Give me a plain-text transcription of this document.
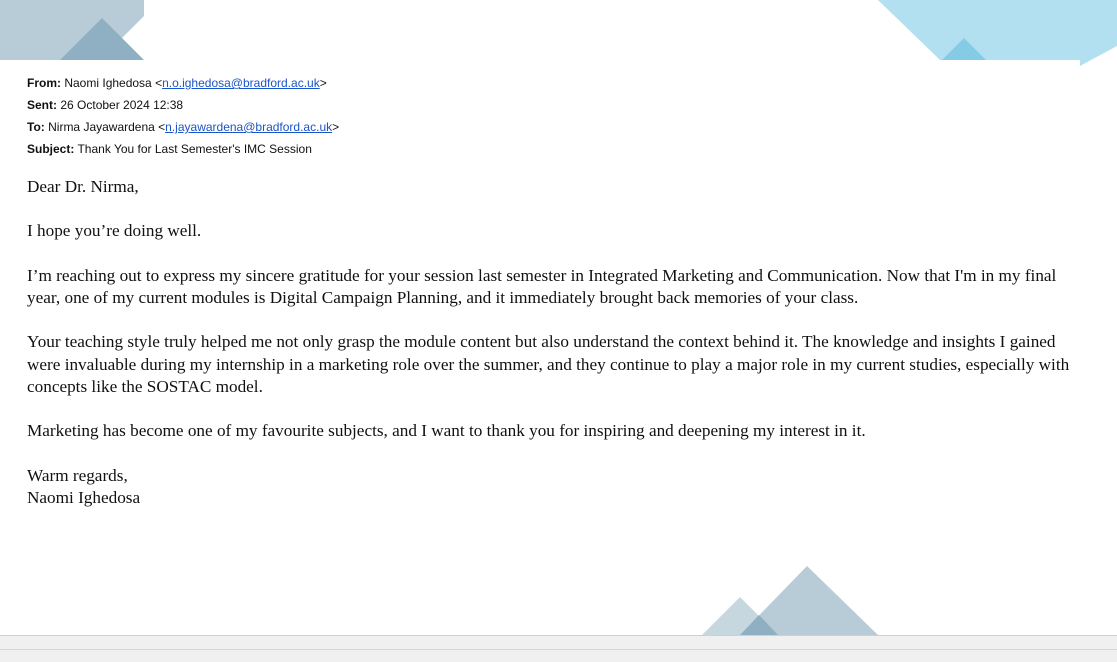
From: Naomi Ighedosa <n.o.ighedosa@bradford.ac.uk>
Sent: 26 October 2024 12:38
To: Nirma Jayawardena <n.jayawardena@bradford.ac.uk>
Subject: Thank You for Last Semester's IMC Session

Dear Dr. Nirma,

I hope you’re doing well.

I’m reaching out to express my sincere gratitude for your session last semester in Integrated Marketing and Communication. Now that I'm in my final year, one of my current modules is Digital Campaign Planning, and it immediately brought back memories of your class.

Your teaching style truly helped me not only grasp the module content but also understand the context behind it. The knowledge and insights I gained were invaluable during my internship in a marketing role over the summer, and they continue to play a major role in my current studies, especially with concepts like the SOSTAC model.

Marketing has become one of my favourite subjects, and I want to thank you for inspiring and deepening my interest in it.

Warm regards,

Naomi Ighedosa
